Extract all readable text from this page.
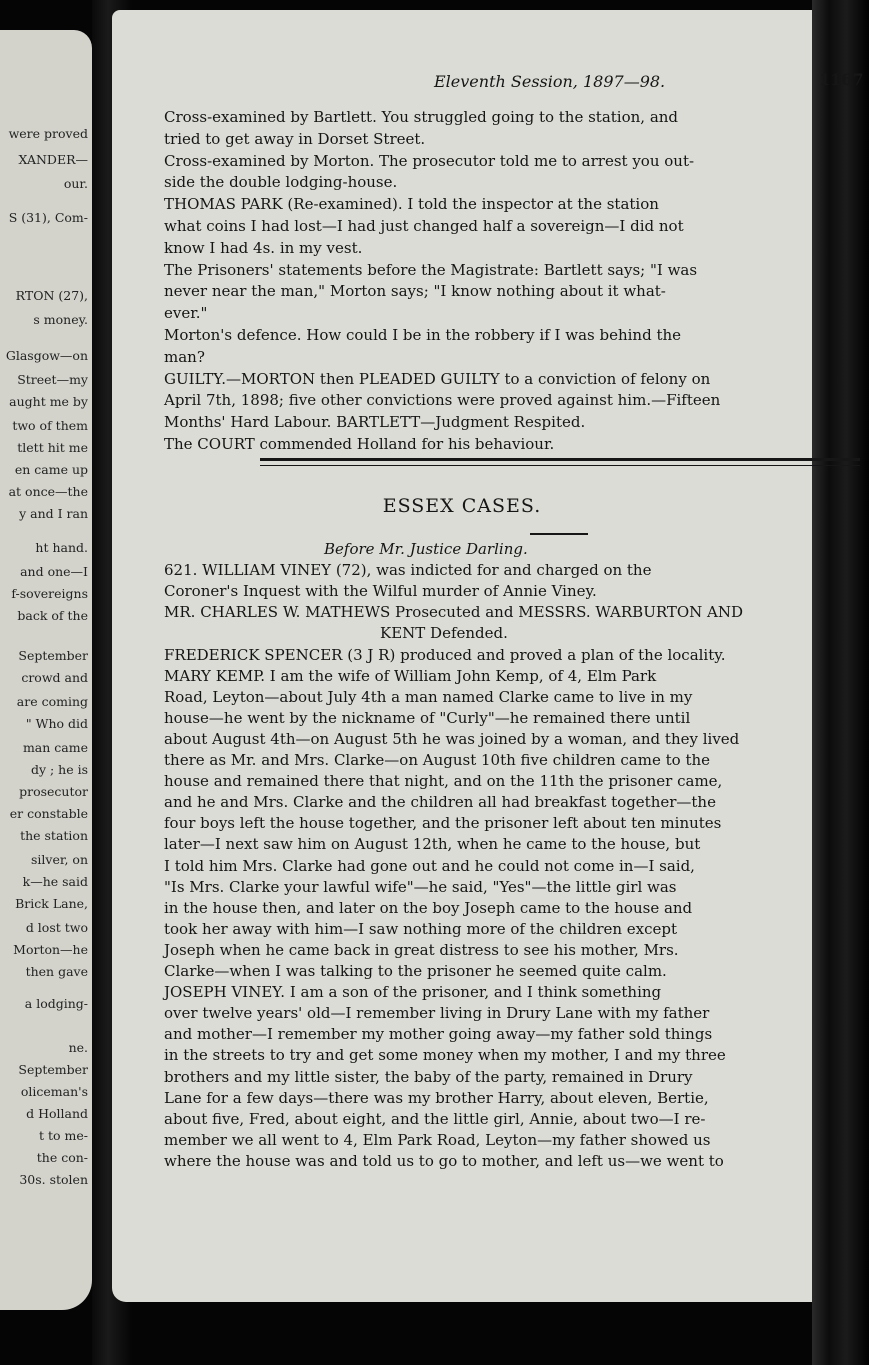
were proved
XANDER—
our.
S (31), Com-
RTON (27),
s money.
Glasgow—on
Street—my
aught me by
two of them
tlett hit me
en came up
at once—the
y and I ran
ht hand.
and one—I
f-sovereigns
back of the
September
crowd and
are coming
" Who did
man came
dy ; he is
prosecutor
er constable
the station
silver, on
k—he said
Brick Lane,
d lost two
Morton—he
then gave
a lodging-
ne.
September
oliceman's
d Holland
t to me-
the con-
30s. stolen
Eleventh Session, 1897—98.	1167
ESSEX CASES.
Cross-examined by Bartlett. You struggled going to the station, and
tried to get away in Dorset Street.
Cross-examined by Morton. The prosecutor told me to arrest you out-
side the double lodging-house.
THOMAS PARK (Re-examined). I told the inspector at the station
what coins I had lost—I had just changed half a sovereign—I did not
know I had 4s. in my vest.
The Prisoners' statements before the Magistrate: Bartlett says; "I was
never near the man," Morton says; "I know nothing about it what-
ever."
Morton's defence. How could I be in the robbery if I was behind the
man?
GUILTY.—MORTON then PLEADED GUILTY to a conviction of felony on
April 7th, 1898; five other convictions were proved against him.—Fifteen
Months' Hard Labour. BARTLETT—Judgment Respited.
The COURT commended Holland for his behaviour.
Before Mr. Justice Darling.
621. WILLIAM VINEY (72), was indicted for and charged on the
Coroner's Inquest with the Wilful murder of Annie Viney.
MR. CHARLES W. MATHEWS Prosecuted and MESSRS. WARBURTON AND
KENT Defended.
FREDERICK SPENCER (3 J R) produced and proved a plan of the locality.
MARY KEMP. I am the wife of William John Kemp, of 4, Elm Park
Road, Leyton—about July 4th a man named Clarke came to live in my
house—he went by the nickname of "Curly"—he remained there until
about August 4th—on August 5th he was joined by a woman, and they lived
there as Mr. and Mrs. Clarke—on August 10th five children came to the
house and remained there that night, and on the 11th the prisoner came,
and he and Mrs. Clarke and the children all had breakfast together—the
four boys left the house together, and the prisoner left about ten minutes
later—I next saw him on August 12th, when he came to the house, but
I told him Mrs. Clarke had gone out and he could not come in—I said,
"Is Mrs. Clarke your lawful wife"—he said, "Yes"—the little girl was
in the house then, and later on the boy Joseph came to the house and
took her away with him—I saw nothing more of the children except
Joseph when he came back in great distress to see his mother, Mrs.
Clarke—when I was talking to the prisoner he seemed quite calm.
JOSEPH VINEY. I am a son of the prisoner, and I think something
over twelve years' old—I remember living in Drury Lane with my father
and mother—I remember my mother going away—my father sold things
in the streets to try and get some money when my mother, I and my three
brothers and my little sister, the baby of the party, remained in Drury
Lane for a few days—there was my brother Harry, about eleven, Bertie,
about five, Fred, about eight, and the little girl, Annie, about two—I re-
member we all went to 4, Elm Park Road, Leyton—my father showed us
where the house was and told us to go to mother, and left us—we went to
